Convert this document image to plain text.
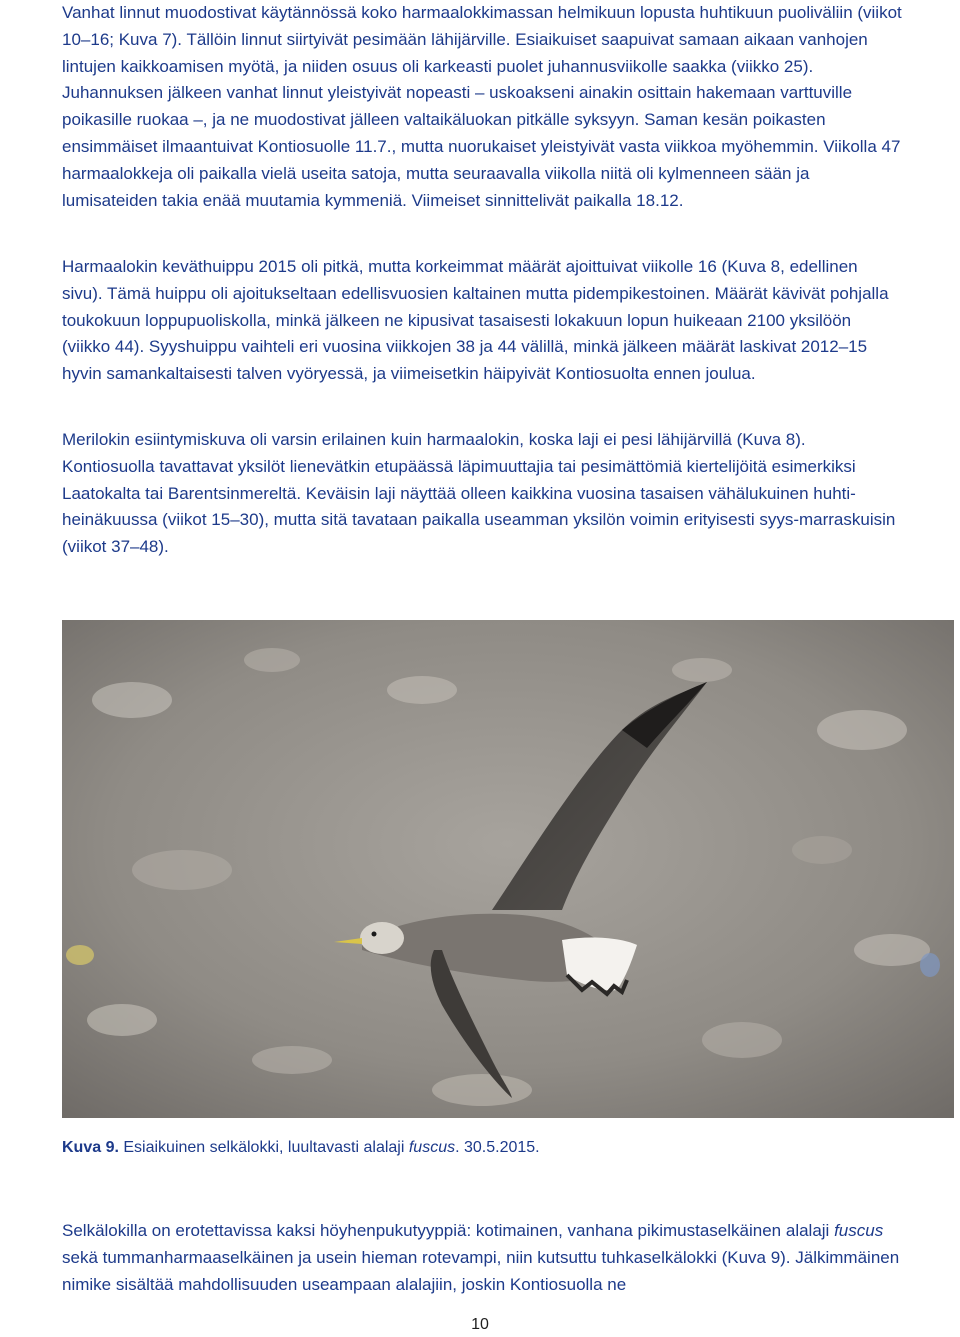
Vanhat linnut muodostivat käytännössä koko harmaalokkimassan helmikuun lopusta huhtikuun puoliväliin (viikot 10‒16; Kuva 7). Tällöin linnut siirtyivät pesimään lähijärville. Esiaikuiset saapuivat samaan aikaan vanhojen lintujen kaikkoamisen myötä, ja niiden osuus oli karkeasti puolet juhannusviikolle saakka (viikko 25). Juhannuksen jälkeen vanhat linnut yleistyivät nopeasti – uskoakseni ainakin osittain hakemaan varttuville poikasille ruokaa –, ja ne muodostivat jälleen valtaikäluokan pitkälle syksyyn. Saman kesän poikasten ensimmäiset ilmaantuivat Kontiosuolle 11.7., mutta nuorukaiset yleistyivät vasta viikkoa myöhemmin. Viikolla 47 harmaalokkeja oli paikalla vielä useita satoja, mutta seuraavalla viikolla niitä oli kylmenneen sään ja lumisateiden takia enää muutamia kymmeniä. Viimeiset sinnittelivät paikalla 18.12.

Harmaalokin keväthuippu 2015 oli pitkä, mutta korkeimmat määrät ajoittuivat viikolle 16 (Kuva 8, edellinen sivu). Tämä huippu oli ajoitukseltaan edellisvuosien kaltainen mutta pidempikestoinen. Määrät kävivät pohjalla toukokuun loppupuoliskolla, minkä jälkeen ne kipusivat tasaisesti lokakuun lopun huikeaan 2100 yksilöön (viikko 44). Syyshuippu vaihteli eri vuosina viikkojen 38 ja 44 välillä, minkä jälkeen määrät laskivat 2012‒15 hyvin samankaltaisesti talven vyöryessä, ja viimeisetkin häipyivät Kontiosuolta ennen joulua.

Merilokin esiintymiskuva oli varsin erilainen kuin harmaalokin, koska laji ei pesi lähijärvillä (Kuva 8). Kontiosuolla tavattavat yksilöt lienevätkin etupäässä läpimuuttajia tai pesimättömiä kiertelijöitä esimerkiksi Laatokalta tai Barentsinmereltä. Keväisin laji näyttää olleen kaikkina vuosina tasaisen vähälukuinen huhti-heinäkuussa (viikot 15‒30), mutta sitä tavataan paikalla useamman yksilön voimin erityisesti syys-marraskuisin (viikot 37‒48).

Kuva 9. Esiaikuinen selkälokki, luultavasti alalaji fuscus. 30.5.2015.

Selkälokilla on erotettavissa kaksi höyhenpukutyyppiä: kotimainen, vanhana pikimustaselkäinen alalaji fuscus sekä tummanharmaaselkäinen ja usein hieman rotevampi, niin kutsuttu tuhkaselkälokki (Kuva 9). Jälkimmäinen nimike sisältää mahdollisuuden useampaan alalajiin, joskin Kontiosuolla ne

10
